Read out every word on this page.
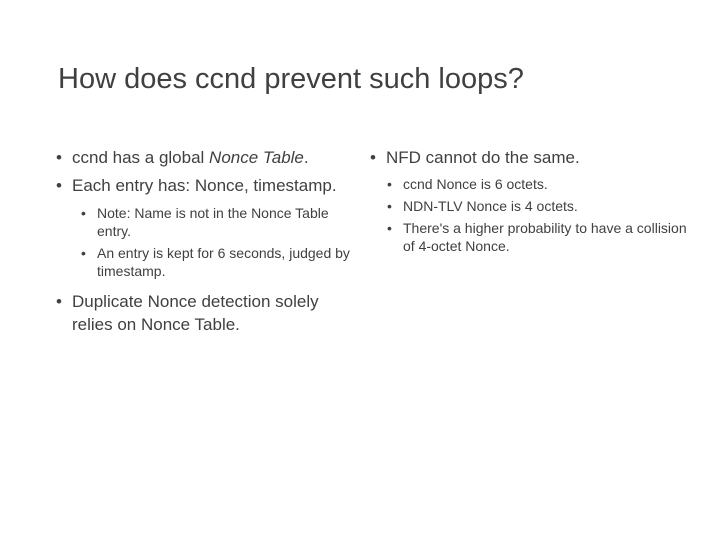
How does ccnd prevent such loops?
• ccnd has a global Nonce Table.
• Each entry has: Nonce, timestamp.
• Note: Name is not in the Nonce Table entry.
• An entry is kept for 6 seconds, judged by timestamp.
• Duplicate Nonce detection solely relies on Nonce Table.
• NFD cannot do the same.
• ccnd Nonce is 6 octets.
• NDN-TLV Nonce is 4 octets.
• There's a higher probability to have a collision of 4-octet Nonce.
